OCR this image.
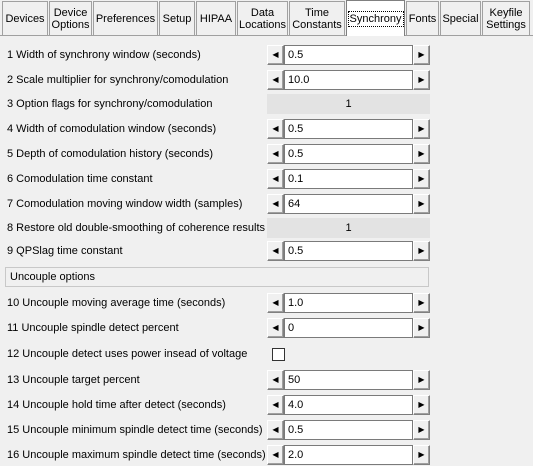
Devices Device
Options Preferences Setup HIPAA	Data
Locations
Time
Constants Synchrony Fonts Special Keyfile
Settings
1 Width of synchrony window (seconds)	◀ 0.5	▶
2 Scale multiplier for synchrony/comodulation	◀ 10.0	▶
3 Option flags for synchrony/comodulation	1
4 Width of comodulation window (seconds)	◀ 0.5	▶
5 Depth of comodulation history (seconds)	◀ 0.5	▶
6 Comodulation time constant	◀ 0.1	▶
7 Comodulation moving window width (samples)	◀ 64	▶
8 Restore old double-smoothing of coherence results	1
9 QPSlag time constant	◀ 0.5	▶
Uncouple options
10 Uncouple moving average time (seconds)	◀ 1.0	▶
11 Uncouple spindle detect percent	◀ 0	▶
12 Uncouple detect uses power insead of voltage
13 Uncouple target percent	◀ 50	▶
14 Uncouple hold time after detect (seconds)	◀ 4.0	▶
15 Uncouple minimum spindle detect time (seconds) ◀ 0.5	▶
16 Uncouple maximum spindle detect time (seconds) ◀ 2.0	▶
